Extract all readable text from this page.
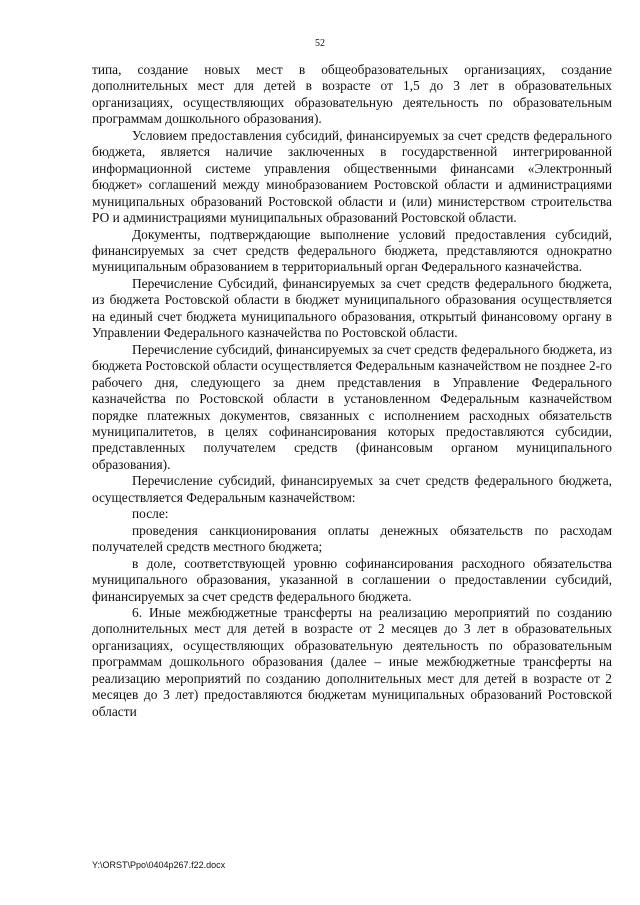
52

типа, создание новых мест в общеобразовательных организациях, создание дополнительных мест для детей в возрасте от 1,5 до 3 лет в образовательных организациях, осуществляющих образовательную деятельность по образовательным программам дошкольного образования).

Условием предоставления субсидий, финансируемых за счет средств федерального бюджета, является наличие заключенных в государственной интегрированной информационной системе управления общественными финансами «Электронный бюджет» соглашений между минобразованием Ростовской области и администрациями муниципальных образований Ростовской области и (или) министерством строительства РО и администрациями муниципальных образований Ростовской области.

Документы, подтверждающие выполнение условий предоставления субсидий, финансируемых за счет средств федерального бюджета, представляются однократно муниципальным образованием в территориальный орган Федерального казначейства.

Перечисление Субсидий, финансируемых за счет средств федерального бюджета, из бюджета Ростовской области в бюджет муниципального образования осуществляется на единый счет бюджета муниципального образования, открытый финансовому органу в Управлении Федерального казначейства по Ростовской области.

Перечисление субсидий, финансируемых за счет средств федерального бюджета, из бюджета Ростовской области осуществляется Федеральным казначейством не позднее 2-го рабочего дня, следующего за днем представления в Управление Федерального казначейства по Ростовской области в установленном Федеральным казначейством порядке платежных документов, связанных с исполнением расходных обязательств муниципалитетов, в целях софинансирования которых предоставляются субсидии, представленных получателем средств (финансовым органом муниципального образования).

Перечисление субсидий, финансируемых за счет средств федерального бюджета, осуществляется Федеральным казначейством:

после:

проведения санкционирования оплаты денежных обязательств по расходам получателей средств местного бюджета;

в доле, соответствующей уровню софинансирования расходного обязательства муниципального образования, указанной в соглашении о предоставлении субсидий, финансируемых за счет средств федерального бюджета.

6. Иные межбюджетные трансферты на реализацию мероприятий по созданию дополнительных мест для детей в возрасте от 2 месяцев до 3 лет в образовательных организациях, осуществляющих образовательную деятельность по образовательным программам дошкольного образования (далее – иные межбюджетные трансферты на реализацию мероприятий по созданию дополнительных мест для детей в возрасте от 2 месяцев до 3 лет) предоставляются бюджетам муниципальных образований Ростовской области

Y:\ORST\Ppo\0404p267.f22.docx
